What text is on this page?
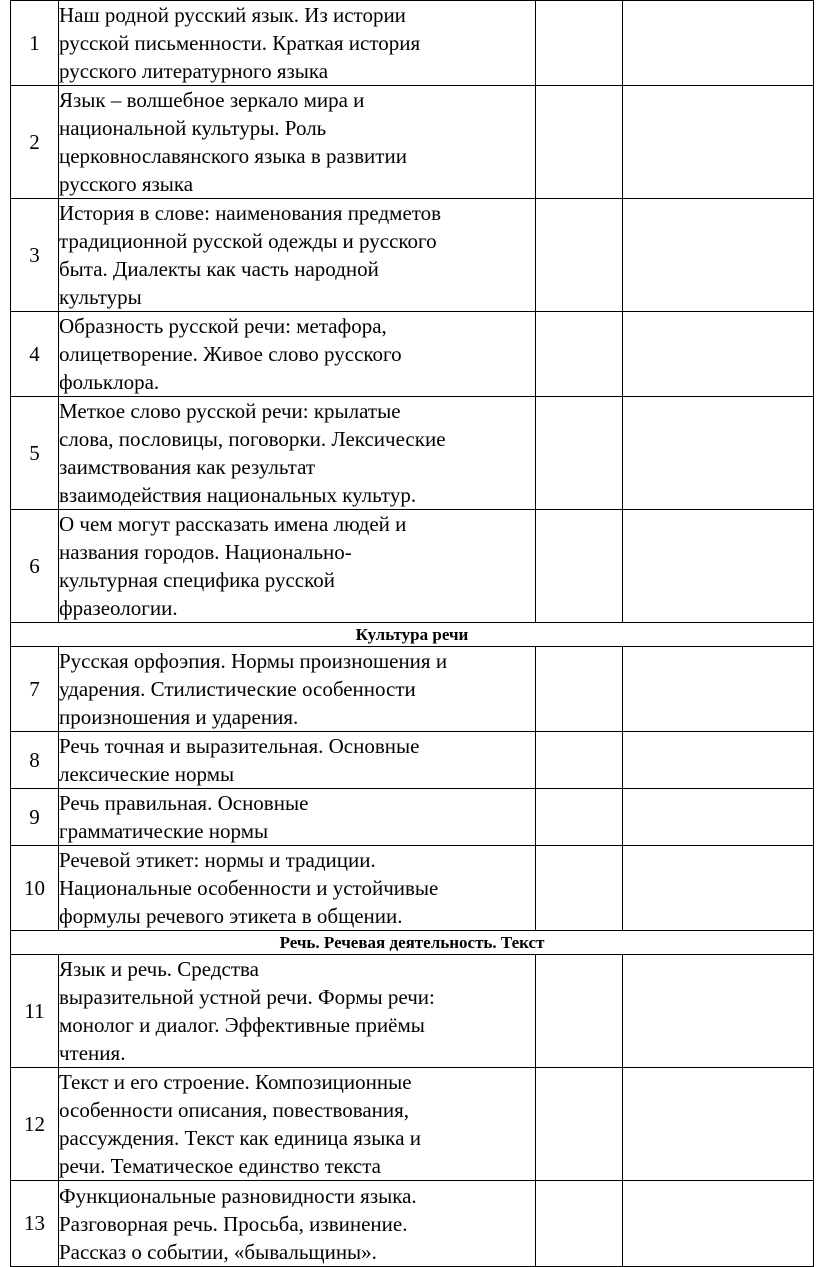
1	Наш родной русский язык. Из истории
русской письменности. Краткая история
русского литературного языка		
2	Язык – волшебное зеркало мира и
национальной культуры. Роль
церковнославянского языка в развитии
русского языка		
3	История в слове: наименования предметов
традиционной русской одежды и русского
быта. Диалекты как часть народной
культуры		
4	Образность русской речи: метафора,
олицетворение. Живое слово русского
фольклора.		
5	Меткое слово русской речи: крылатые
слова, пословицы, поговорки. Лексические
заимствования как результат
взаимодействия национальных культур.		
6	О чем могут рассказать имена людей и
названия городов. Национально-
культурная специфика русской
фразеологии.		
Культура речи			
7	Русская орфоэпия. Нормы произношения и
ударения. Стилистические особенности
произношения и ударения.		
8	Речь точная и выразительная. Основные
лексические нормы		
9	Речь правильная. Основные
грамматические нормы		
10	Речевой этикет: нормы и традиции.
Национальные особенности и устойчивые
формулы речевого этикета в общении.		
Речь. Речевая деятельность. Текст			
11	Язык и речь. Средства
выразительной устной речи. Формы речи:
монолог и диалог. Эффективные приёмы
чтения.		
12	Текст и его строение. Композиционные
особенности описания, повествования,
рассуждения. Текст как единица языка и
речи. Тематическое единство текста		
13	Функциональные разновидности языка.
Разговорная речь. Просьба, извинение.
Рассказ о событии, «бывальщины».		
